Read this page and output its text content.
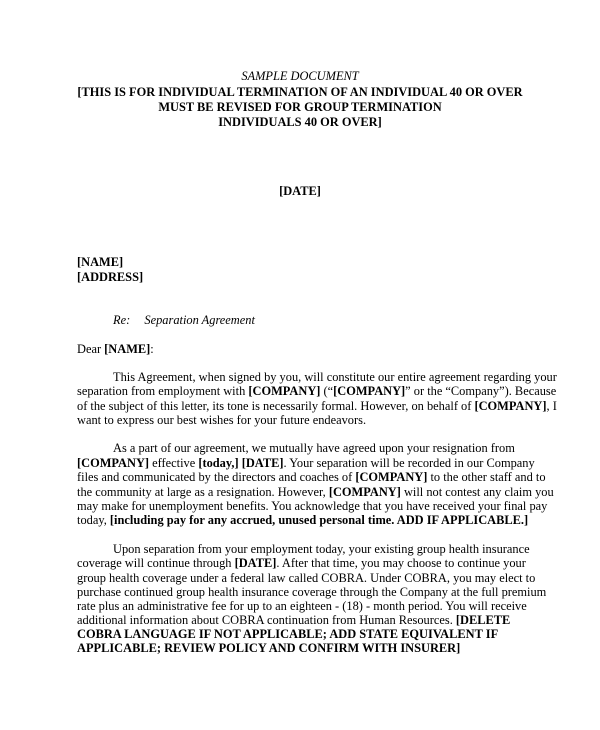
SAMPLE DOCUMENT
[THIS IS FOR INDIVIDUAL TERMINATION OF AN INDIVIDUAL 40 OR OVER
MUST BE REVISED FOR GROUP TERMINATION
INDIVIDUALS 40 OR OVER]
[DATE]
[NAME]
[ADDRESS]
Re: Separation Agreement
Dear [NAME]:
This Agreement, when signed by you, will constitute our entire agreement regarding your
separation from employment with [COMPANY] (“[COMPANY]” or the “Company”). Because
of the subject of this letter, its tone is necessarily formal. However, on behalf of [COMPANY], I
want to express our best wishes for your future endeavors.
As a part of our agreement, we mutually have agreed upon your resignation from
[COMPANY] effective [today,] [DATE]. Your separation will be recorded in our Company
files and communicated by the directors and coaches of [COMPANY] to the other staff and to
the community at large as a resignation. However, [COMPANY] will not contest any claim you
may make for unemployment benefits. You acknowledge that you have received your final pay
today, [including pay for any accrued, unused personal time. ADD IF APPLICABLE.]
Upon separation from your employment today, your existing group health insurance
coverage will continue through [DATE]. After that time, you may choose to continue your
group health coverage under a federal law called COBRA. Under COBRA, you may elect to
purchase continued group health insurance coverage through the Company at the full premium
rate plus an administrative fee for up to an eighteen - (18) - month period. You will receive
additional information about COBRA continuation from Human Resources. [DELETE
COBRA LANGUAGE IF NOT APPLICABLE; ADD STATE EQUIVALENT IF
APPLICABLE; REVIEW POLICY AND CONFIRM WITH INSURER]
